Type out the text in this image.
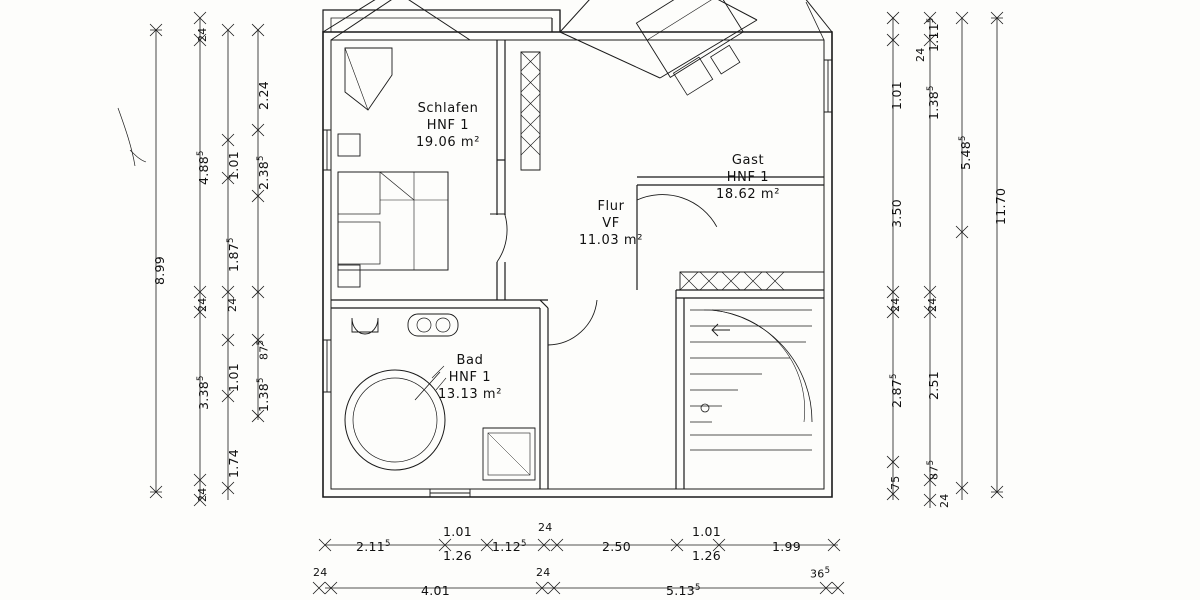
Schlafen
HNF 1
19.06 m²
Gast
HNF 1
18.62 m²
Flur
VF
11.03 m²
Bad
HNF 1
13.13 m²
8.99
24
4.88$^5$
24
3.38$^5$
24
1.01
1.87$^5$
24
1.01
1.74
2.24
2.38$^5$
$87^5$
1.38$^5$
1.01
3.50
24
2.87$^5$
75
1.11$^5$
1.38$^5$
24
2.51
$87^5$
24
24
5.48$^5$
11.70
2.11$^5$
1.01
1.26
1.12$^5$
24
2.50
1.01
1.26
1.99
24
4.01
24
5.13$^5$
$36^5$
